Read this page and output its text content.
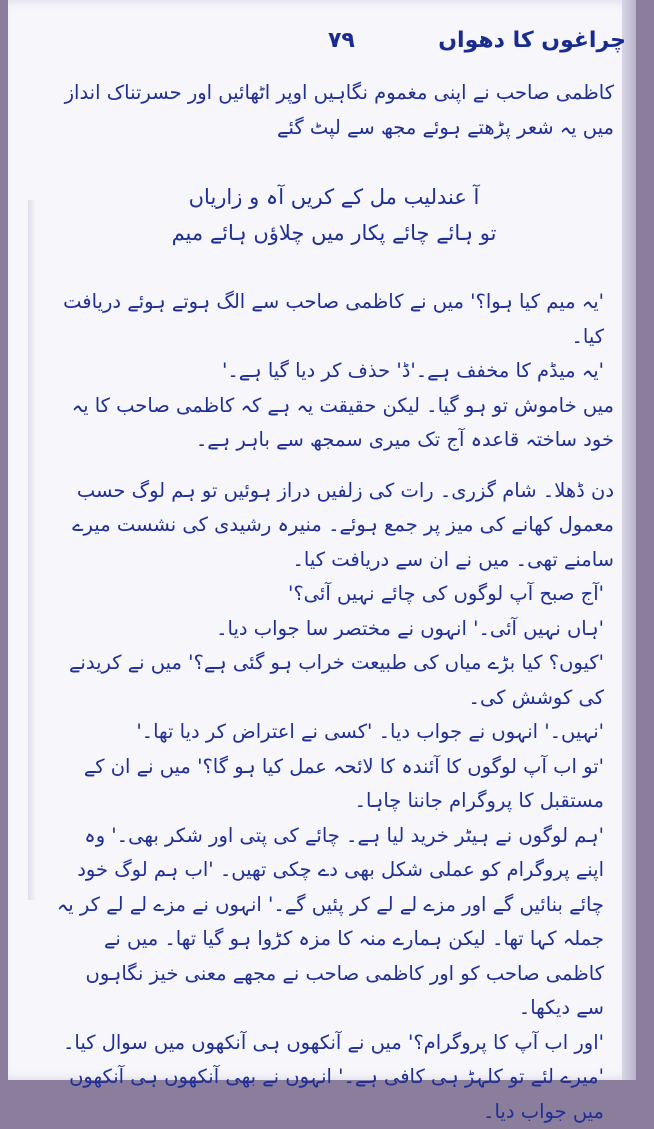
چراغوں کا دھواں
۷۹

کاظمی صاحب نے اپنی مغموم نگاہیں اوپر اٹھائیں اور حسرتناک انداز میں یہ شعر پڑھتے ہوئے مجھ سے لپٹ گئے

آ عندلیب مل کے کریں آہ و زاریاں
تو ہائے چائے پکار میں چلاؤں ہائے میم

'یہ میم کیا ہوا؟' میں نے کاظمی صاحب سے الگ ہوتے ہوئے دریافت کیا۔

'یہ میڈم کا مخفف ہے۔'ڈ' حذف کر دیا گیا ہے۔'

میں خاموش تو ہو گیا۔ لیکن حقیقت یہ ہے کہ کاظمی صاحب کا یہ خود ساختہ قاعدہ آج تک میری سمجھ سے باہر ہے۔

دن ڈھلا۔ شام گزری۔ رات کی زلفیں دراز ہوئیں تو ہم لوگ حسب معمول کھانے کی میز پر جمع ہوئے۔ منیرہ رشیدی کی نشست میرے سامنے تھی۔ میں نے ان سے دریافت کیا۔

'آج صبح آپ لوگوں کی چائے نہیں آئی؟'

'ہاں نہیں آئی۔' انہوں نے مختصر سا جواب دیا۔

'کیوں؟ کیا بڑے میاں کی طبیعت خراب ہو گئی ہے؟' میں نے کریدنے کی کوشش کی۔

'نہیں۔' انہوں نے جواب دیا۔ 'کسی نے اعتراض کر دیا تھا۔'

'تو اب آپ لوگوں کا آئندہ کا لائحہ عمل کیا ہو گا؟' میں نے ان کے مستقبل کا پروگرام جاننا چاہا۔

'ہم لوگوں نے ہیٹر خرید لیا ہے۔ چائے کی پتی اور شکر بھی۔' وہ اپنے پروگرام کو عملی شکل بھی دے چکی تھیں۔ 'اب ہم لوگ خود چائے بنائیں گے اور مزے لے لے کر پئیں گے۔' انہوں نے مزے لے لے کر یہ جملہ کہا تھا۔ لیکن ہمارے منہ کا مزہ کڑوا ہو گیا تھا۔ میں نے کاظمی صاحب کو اور کاظمی صاحب نے مجھے معنی خیز نگاہوں سے دیکھا۔

'اور اب آپ کا پروگرام؟' میں نے آنکھوں ہی آنکھوں میں سوال کیا۔

'میرے لئے تو کلہڑ ہی کافی ہے۔' انہوں نے بھی آنکھوں ہی آنکھوں میں جواب دیا۔
